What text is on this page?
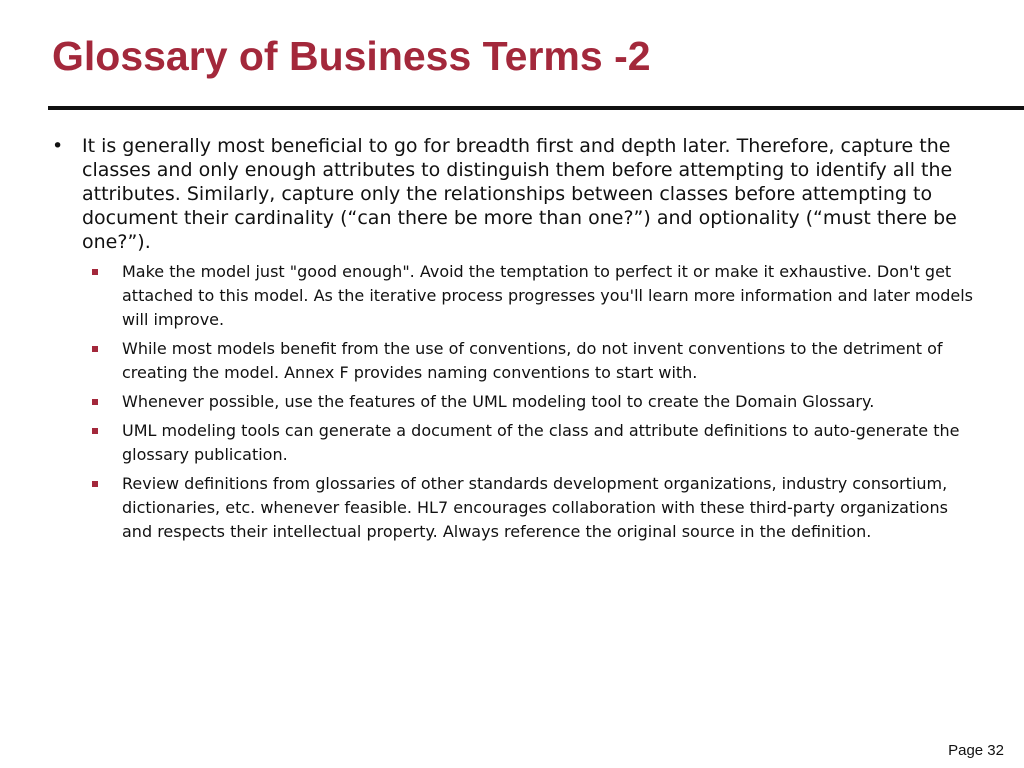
Glossary of Business Terms -2
• It is generally most beneficial to go for breadth first and depth later. Therefore, capture the classes and only enough attributes to distinguish them before attempting to identify all the attributes. Similarly, capture only the relationships between classes before attempting to document their cardinality (“can there be more than one?”) and optionality (“must there be one?”).
Make the model just "good enough". Avoid the temptation to perfect it or make it exhaustive. Don't get attached to this model. As the iterative process progresses you'll learn more information and later models will improve.
While most models benefit from the use of conventions, do not invent conventions to the detriment of creating the model. Annex F provides naming conventions to start with.
Whenever possible, use the features of the UML modeling tool to create the Domain Glossary.
UML modeling tools can generate a document of the class and attribute definitions to auto-generate the glossary publication.
Review definitions from glossaries of other standards development organizations, industry consortium, dictionaries, etc. whenever feasible. HL7 encourages collaboration with these third-party organizations and respects their intellectual property. Always reference the original source in the definition.
Page 32
